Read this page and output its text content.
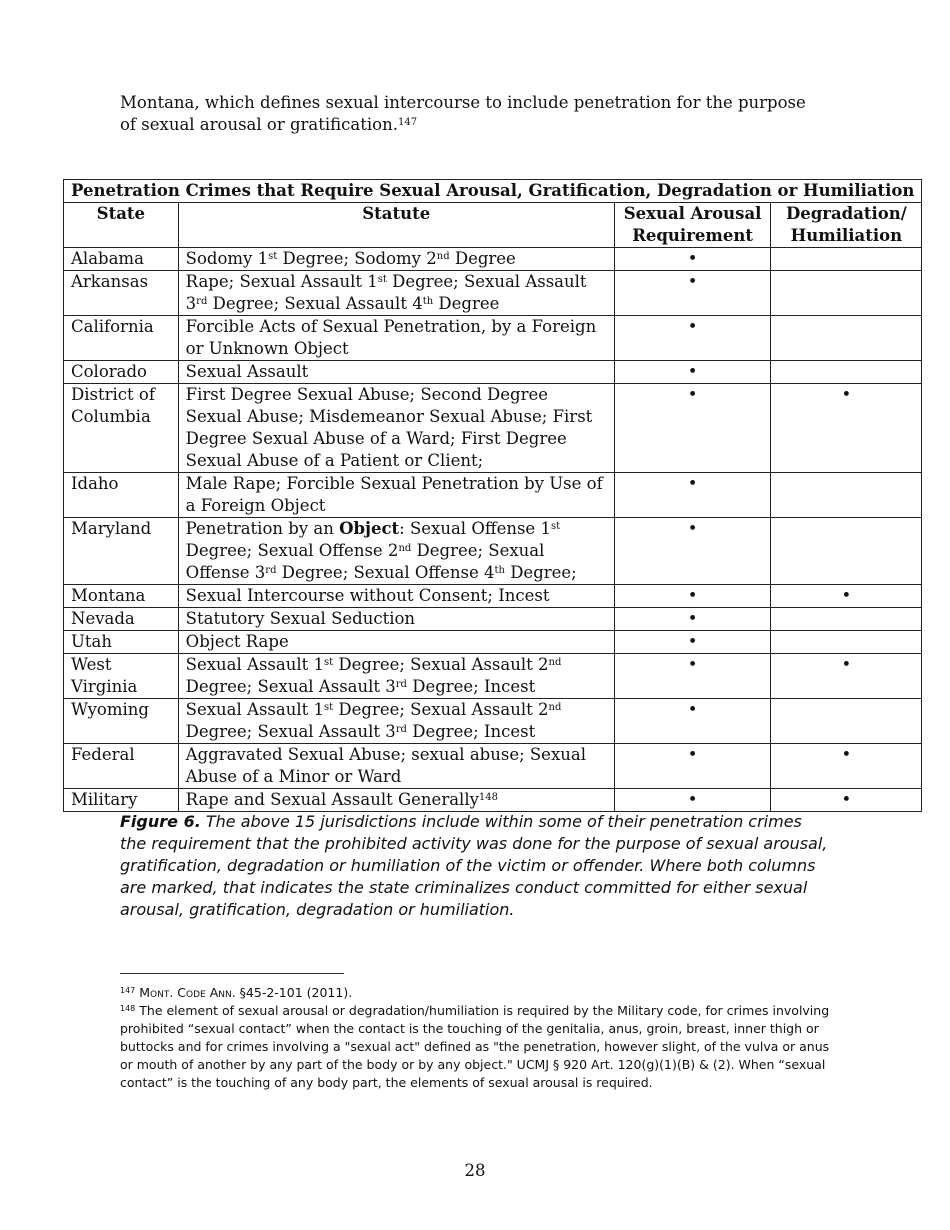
Montana, which defines sexual intercourse to include penetration for the purpose of sexual arousal or gratification.$^{147}$
Penetration Crimes that Require Sexual Arousal, Gratification, Degradation or Humiliation			
State	Statute	Sexual Arousal Requirement	Degradation/ Humiliation
Alabama	Sodomy 1st Degree; Sodomy 2nd Degree	•	
Arkansas	Rape; Sexual Assault 1st Degree; Sexual Assault 3rd Degree; Sexual Assault 4th Degree	•	
California	Forcible Acts of Sexual Penetration, by a Foreign or Unknown Object	•	
Colorado	Sexual Assault	•	
District of Columbia	First Degree Sexual Abuse; Second Degree Sexual Abuse; Misdemeanor Sexual Abuse; First Degree Sexual Abuse of a Ward; First Degree Sexual Abuse of a Patient or Client;	•	•
Idaho	Male Rape; Forcible Sexual Penetration by Use of a Foreign Object	•	
Maryland	Penetration by an Object: Sexual Offense 1st Degree; Sexual Offense 2nd Degree; Sexual Offense 3rd Degree; Sexual Offense 4th Degree;	•	
Montana	Sexual Intercourse without Consent; Incest	•	•
Nevada	Statutory Sexual Seduction	•	
Utah	Object Rape	•	
West Virginia	Sexual Assault 1st Degree; Sexual Assault 2nd Degree; Sexual Assault 3rd Degree; Incest	•	•
Wyoming	Sexual Assault 1st Degree; Sexual Assault 2nd Degree; Sexual Assault 3rd Degree; Incest	•	
Federal	Aggravated Sexual Abuse; sexual abuse; Sexual Abuse of a Minor or Ward	•	•
Military	Rape and Sexual Assault Generally$^{148}$	•	•
Figure 6. The above 15 jurisdictions include within some of their penetration crimes the requirement that the prohibited activity was done for the purpose of sexual arousal, gratification, degradation or humiliation of the victim or offender. Where both columns are marked, that indicates the state criminalizes conduct committed for either sexual arousal, gratification, degradation or humiliation.

$^{147}$ Mont. Code Ann. §45-2-101 (2011).

$^{148}$ The element of sexual arousal or degradation/humiliation is required by the Military code, for crimes involving prohibited “sexual contact” when the contact is the touching of the genitalia, anus, groin, breast, inner thigh or buttocks and for crimes involving a "sexual act" defined as "the penetration, however slight, of the vulva or anus or mouth of another by any part of the body or by any object." UCMJ § 920 Art. 120(g)(1)(B) & (2). When “sexual contact” is the touching of any body part, the elements of sexual arousal is required.

28
